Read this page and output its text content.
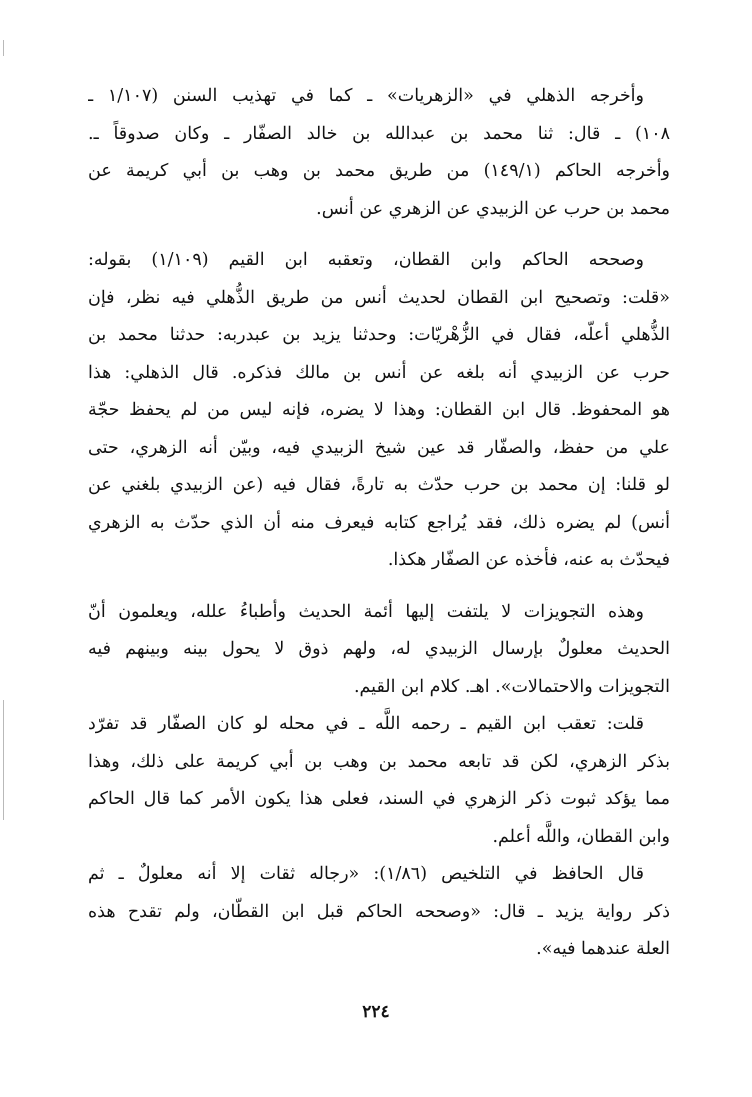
وأخرجه الذهلي في «الزهريات» ـ كما في تهذيب السنن (١/١٠٧ ـ
١٠٨) ـ قال: ثنا محمد بن عبدالله بن خالد الصفّار ـ وكان صدوقاً ـ.
وأخرجه الحاكم (١٤٩/١) من طريق محمد بن وهب بن أبي كريمة عن
محمد بن حرب عن الزبيدي عن الزهري عن أنس.
وصححه الحاكم وابن القطان، وتعقبه ابن القيم (١/١٠٩) بقوله:
«قلت: وتصحيح ابن القطان لحديث أنس من طريق الذُّهلي فيه نظر، فإن
الذُّهلي أعلّه، فقال في الزُّهْريّات: وحدثنا يزيد بن عبدربه: حدثنا محمد بن
حرب عن الزبيدي أنه بلغه عن أنس بن مالك فذكره. قال الذهلي: هذا
هو المحفوظ. قال ابن القطان: وهذا لا يضره، فإنه ليس من لم يحفظ حجّة
علي من حفظ، والصفّار قد عين شيخ الزبيدي فيه، وبيّن أنه الزهري، حتى
لو قلنا: إن محمد بن حرب حدّث به تارةً، فقال فيه (عن الزبيدي بلغني عن
أنس) لم يضره ذلك، فقد يُراجع كتابه فيعرف منه أن الذي حدّث به الزهري
فيحدّث به عنه، فأخذه عن الصفّار هكذا.
وهذه التجويزات لا يلتفت إليها أئمة الحديث وأطباءُ علله، ويعلمون أنّ
الحديث معلولٌ بإرسال الزبيدي له، ولهم ذوق لا يحول بينه وبينهم فيه
التجويزات والاحتمالات». اهـ. كلام ابن القيم.
قلت: تعقب ابن القيم ـ رحمه اللَّه ـ في محله لو كان الصفّار قد تفرّد
بذكر الزهري، لكن قد تابعه محمد بن وهب بن أبي كريمة على ذلك، وهذا
مما يؤكد ثبوت ذكر الزهري في السند، فعلى هذا يكون الأمر كما قال الحاكم
وابن القطان، واللَّه أعلم.
قال الحافظ في التلخيص (١/٨٦): «رجاله ثقات إلا أنه معلولٌ ـ ثم
ذكر رواية يزيد ـ قال: «وصححه الحاكم قبل ابن القطّان، ولم تقدح هذه
العلة عندهما فيه».
٢٢٤
